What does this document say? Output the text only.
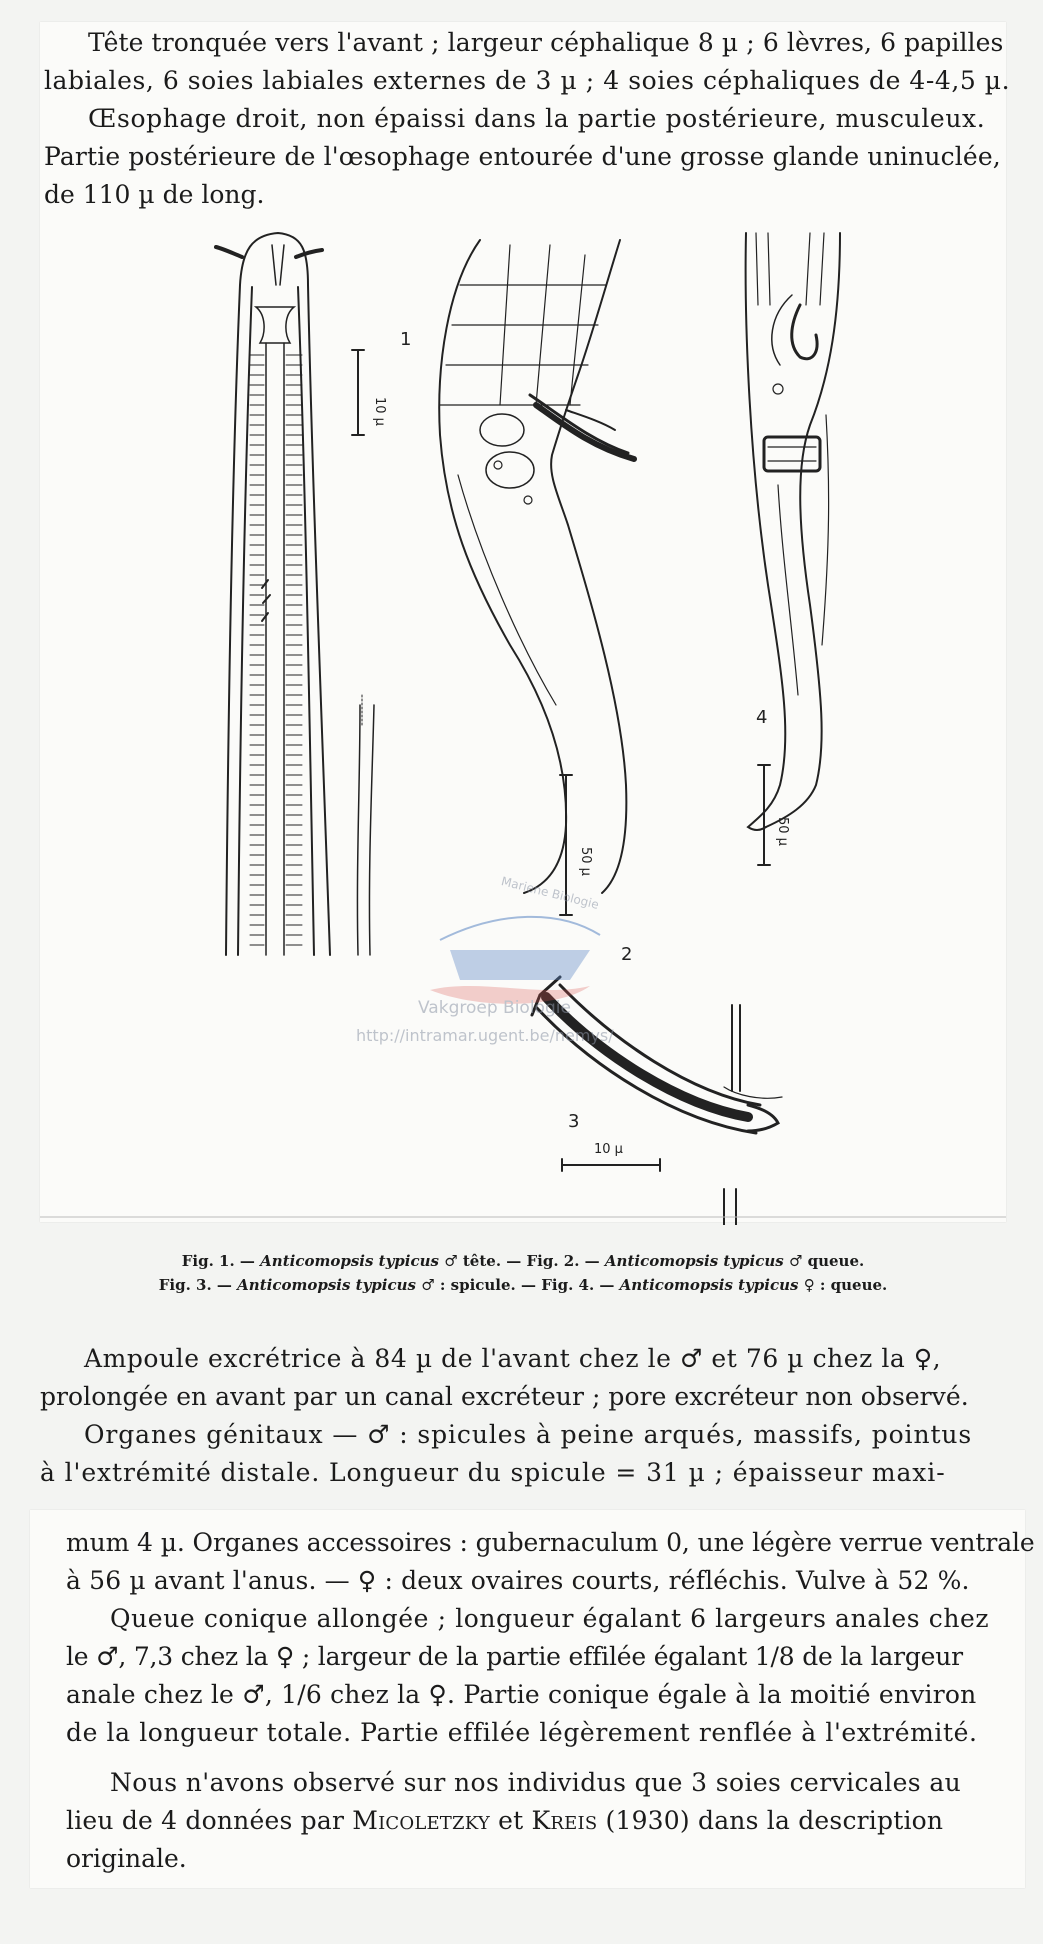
Tête tronquée vers l'avant ; largeur céphalique 8 µ ; 6 lèvres, 6 papilles
labiales, 6 soies labiales externes de 3 µ ; 4 soies céphaliques de 4-4,5 µ.
Œsophage droit, non épaissi dans la partie postérieure, musculeux.
Partie postérieure de l'œsophage entourée d'une grosse glande uninuclée,
de 110 µ de long.

1
10 µ
2
50 µ
10 µ
3
4
50 µ
Mariene Biologie
Vakgroep Biologie
http://intramar.ugent.be/nemys/
Fig. 1. — Anticomopsis typicus ♂ tête. — Fig. 2. — Anticomopsis typicus ♂ queue.
Fig. 3. — Anticomopsis typicus ♂ : spicule. — Fig. 4. — Anticomopsis typicus ♀ : queue.

Ampoule excrétrice à 84 µ de l'avant chez le ♂ et 76 µ chez la ♀,
prolongée en avant par un canal excréteur ; pore excréteur non observé.
Organes génitaux — ♂ : spicules à peine arqués, massifs, pointus
à l'extrémité distale. Longueur du spicule = 31 µ ; épaisseur maxi-

mum 4 µ. Organes accessoires : gubernaculum 0, une légère verrue ventrale
à 56 µ avant l'anus. — ♀ : deux ovaires courts, réfléchis. Vulve à 52 %.
Queue conique allongée ; longueur égalant 6 largeurs anales chez
le ♂, 7,3 chez la ♀ ; largeur de la partie effilée égalant 1/8 de la largeur
anale chez le ♂, 1/6 chez la ♀. Partie conique égale à la moitié environ
de la longueur totale. Partie effilée légèrement renflée à l'extrémité.
Nous n'avons observé sur nos individus que 3 soies cervicales au
lieu de 4 données par Micoletzky et Kreis (1930) dans la description
originale.
